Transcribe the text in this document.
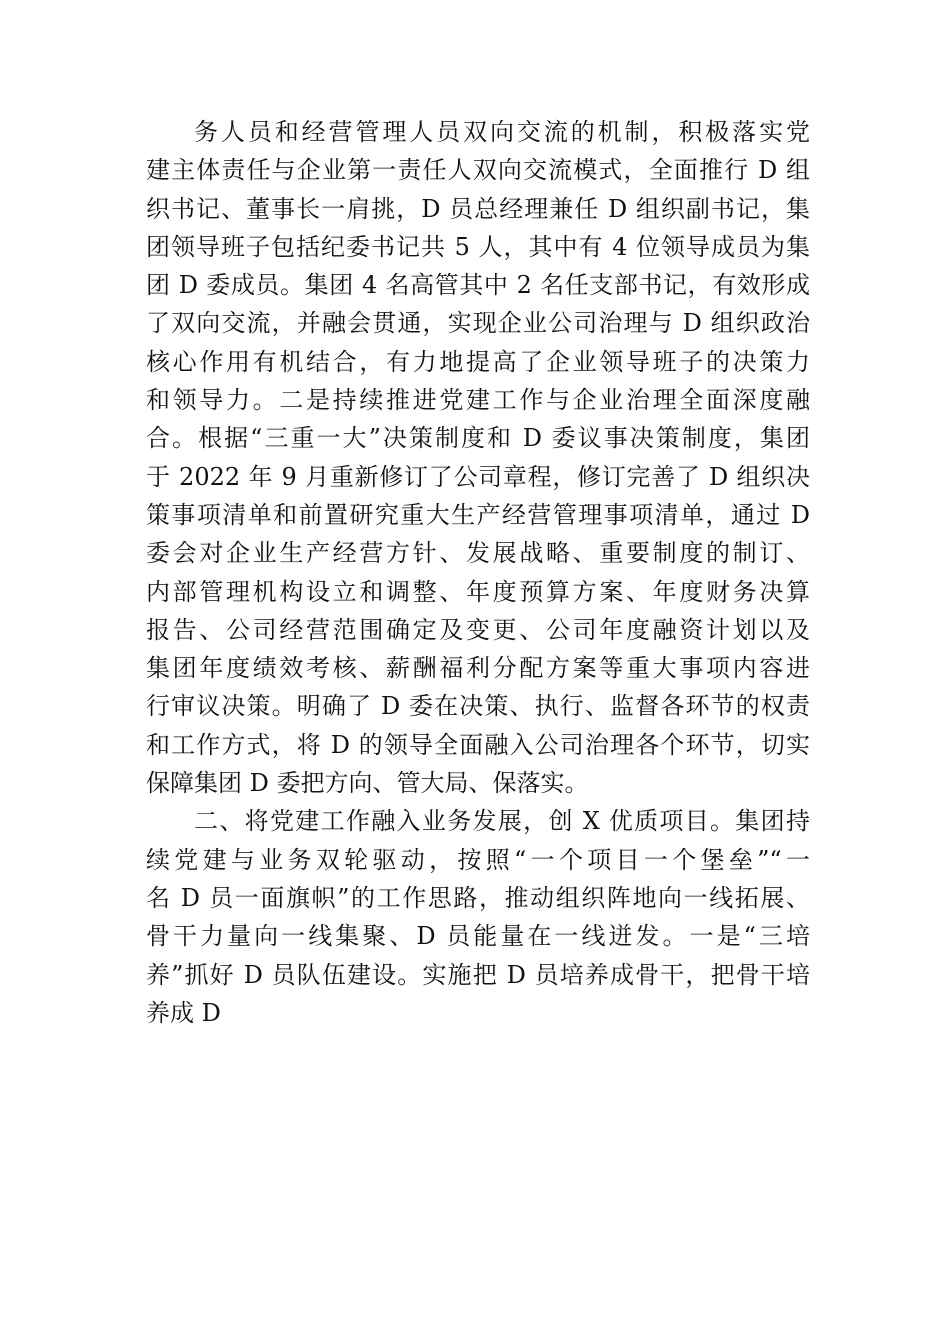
务人员和经营管理人员双向交流的机制，积极落实党
建主体责任与企业第一责任人双向交流模式，全面推行 D 组
织书记、董事长一肩挑，D 员总经理兼任 D 组织副书记，集
团领导班子包括纪委书记共 5 人，其中有 4 位领导成员为集
团 D 委成员。集团 4 名高管其中 2 名任支部书记，有效形成
了双向交流，并融会贯通，实现企业公司治理与 D 组织政治
核心作用有机结合，有力地提高了企业领导班子的决策力
和领导力。二是持续推进党建工作与企业治理全面深度融
合。根据“三重一大”决策制度和 D 委议事决策制度，集团
于 2022 年 9 月重新修订了公司章程，修订完善了 D 组织决
策事项清单和前置研究重大生产经营管理事项清单，通过 D
委会对企业生产经营方针、发展战略、重要制度的制订、
内部管理机构设立和调整、年度预算方案、年度财务决算
报告、公司经营范围确定及变更、公司年度融资计划以及
集团年度绩效考核、薪酬福利分配方案等重大事项内容进
行审议决策。明确了 D 委在决策、执行、监督各环节的权责
和工作方式，将 D 的领导全面融入公司治理各个环节，切实
保障集团 D 委把方向、管大局、保落实。
二、将党建工作融入业务发展，创 X 优质项目。集团持
续党建与业务双轮驱动，按照“一个项目一个堡垒”“一
名 D 员一面旗帜”的工作思路，推动组织阵地向一线拓展、
骨干力量向一线集聚、D 员能量在一线迸发。一是“三培
养”抓好 D 员队伍建设。实施把 D 员培养成骨干，把骨干培
养成 D
